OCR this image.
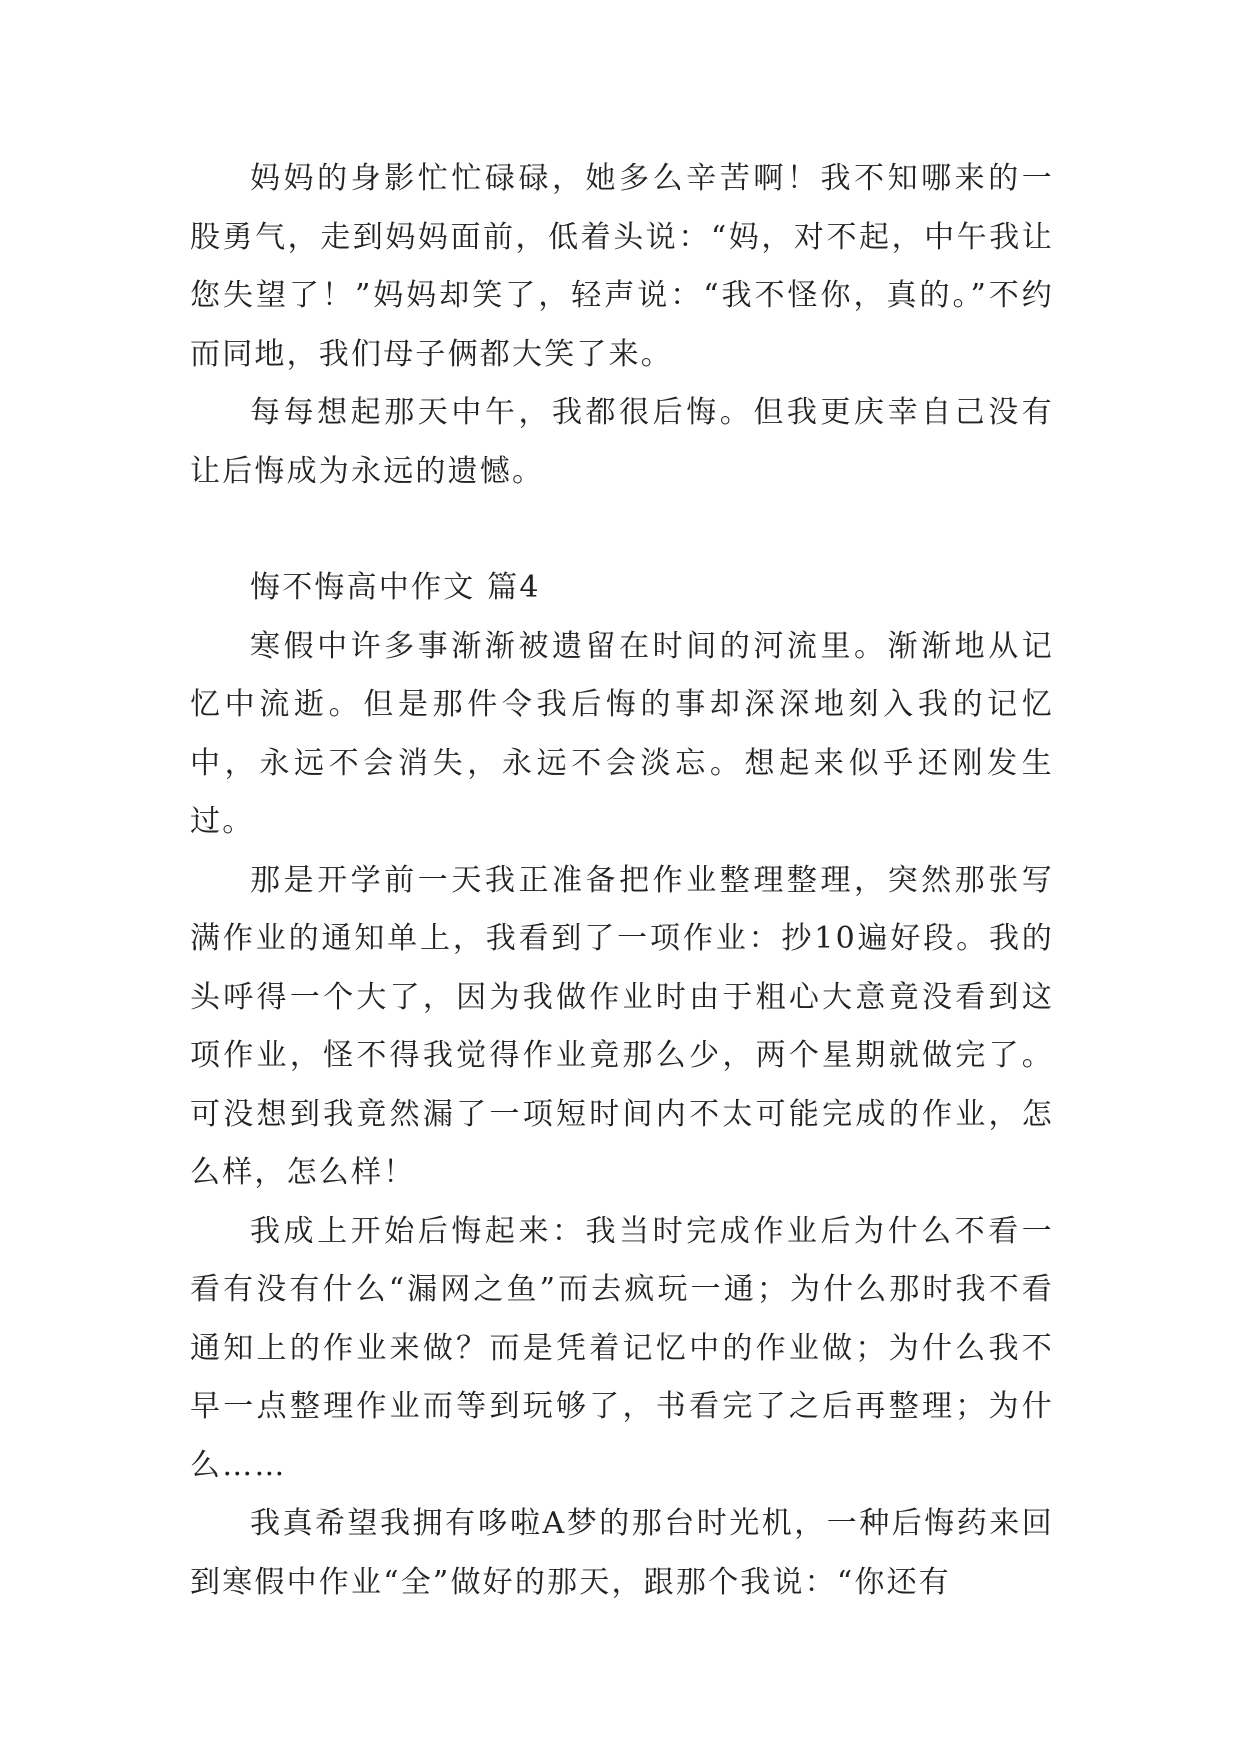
妈妈的身影忙忙碌碌，她多么辛苦啊！我不知哪来的一股勇气，走到妈妈面前，低着头说：“妈，对不起，中午我让您失望了！”妈妈却笑了，轻声说：“我不怪你，真的。”不约而同地，我们母子俩都大笑了来。

每每想起那天中午，我都很后悔。但我更庆幸自己没有让后悔成为永远的遗憾。

悔不悔高中作文 篇4

寒假中许多事渐渐被遗留在时间的河流里。渐渐地从记忆中流逝。但是那件令我后悔的事却深深地刻入我的记忆中，永远不会消失，永远不会淡忘。想起来似乎还刚发生过。

那是开学前一天我正准备把作业整理整理，突然那张写满作业的通知单上，我看到了一项作业：抄10遍好段。我的头呼得一个大了，因为我做作业时由于粗心大意竟没看到这项作业，怪不得我觉得作业竟那么少，两个星期就做完了。可没想到我竟然漏了一项短时间内不太可能完成的作业，怎么样，怎么样！

我成上开始后悔起来：我当时完成作业后为什么不看一看有没有什么“漏网之鱼”而去疯玩一通；为什么那时我不看通知上的作业来做？而是凭着记忆中的作业做；为什么我不早一点整理作业而等到玩够了，书看完了之后再整理；为什么……

我真希望我拥有哆啦A梦的那台时光机，一种后悔药来回到寒假中作业“全”做好的那天，跟那个我说：“你还有
